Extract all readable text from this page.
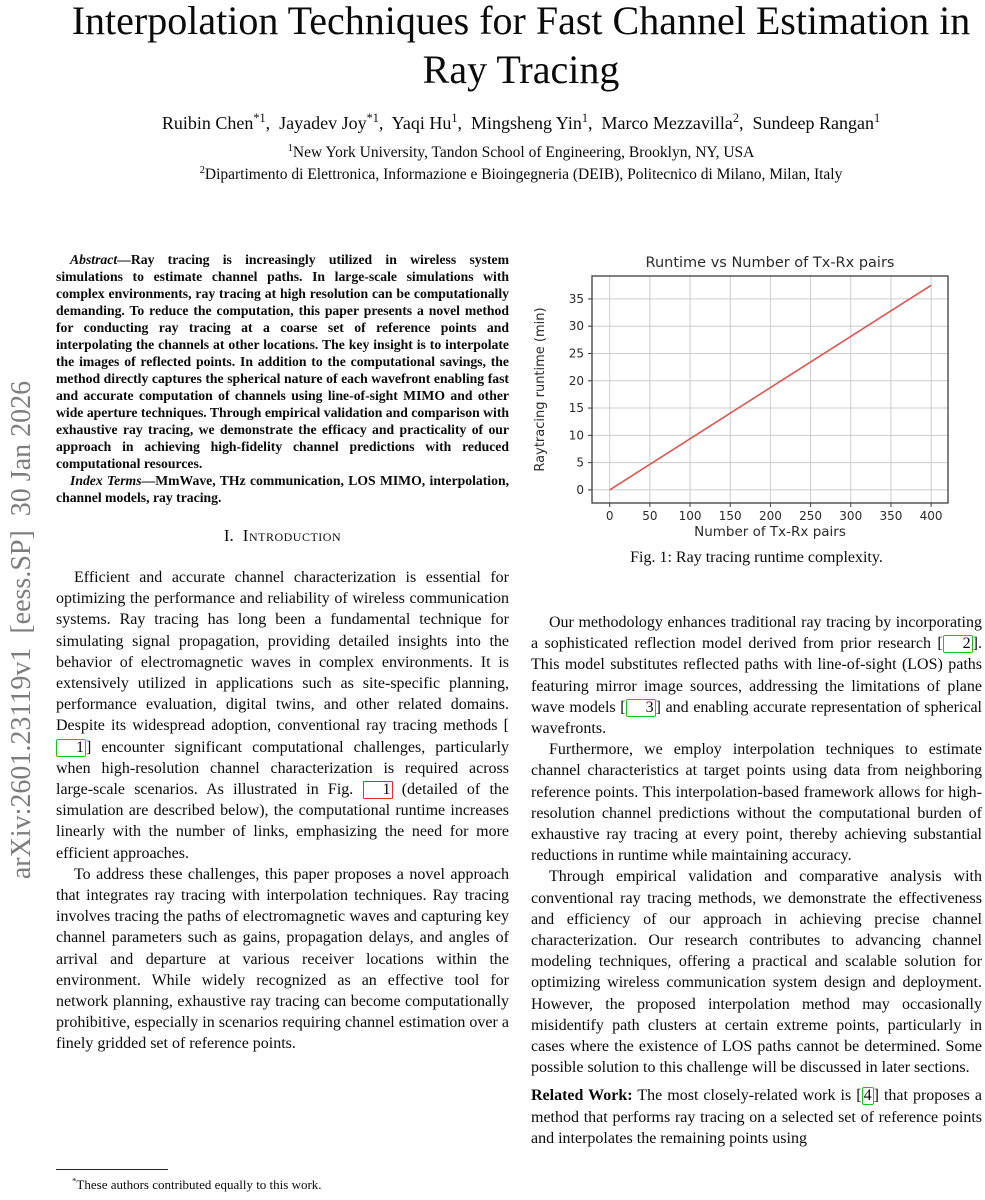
arXiv:2601.23119v1  [eess.SP]  30 Jan 2026
Interpolation Techniques for Fast Channel Estimation in Ray Tracing
Ruibin Chen$^{*1}$,  Jayadev Joy$^{*1}$,  Yaqi Hu$^1$,  Mingsheng Yin$^1$,  Marco Mezzavilla$^2$,  Sundeep Rangan$^1$
$^1$New York University, Tandon School of Engineering, Brooklyn, NY, USA
$^2$Dipartimento di Elettronica, Informazione e Bioingegneria (DEIB), Politecnico di Milano, Milan, Italy

Abstract—Ray tracing is increasingly utilized in wireless system simulations to estimate channel paths. In large-scale simulations with complex environments, ray tracing at high resolution can be computationally demanding. To reduce the computation, this paper presents a novel method for conducting ray tracing at a coarse set of reference points and interpolating the channels at other locations. The key insight is to interpolate the images of reflected points. In addition to the computational savings, the method directly captures the spherical nature of each wavefront enabling fast and accurate computation of channels using line-of-sight MIMO and other wide aperture techniques. Through empirical validation and comparison with exhaustive ray tracing, we demonstrate the efficacy and practicality of our approach in achieving high-fidelity channel predictions with reduced computational resources.

Index Terms—MmWave, THz communication, LOS MIMO, interpolation, channel models, ray tracing.

I. Introduction

Efficient and accurate channel characterization is essential for optimizing the performance and reliability of wireless communication systems. Ray tracing has long been a fundamental technique for simulating signal propagation, providing detailed insights into the behavior of electromagnetic waves in complex environments. It is extensively utilized in applications such as site-specific planning, performance evaluation, digital twins, and other related domains. Despite its widespread adoption, conventional ray tracing methods [1 ] encounter significant computational challenges, particularly when high-resolution channel characterization is required across large-scale scenarios. As illustrated in Fig. 1 (detailed of the simulation are described below), the computational runtime increases linearly with the number of links, emphasizing the need for more efficient approaches.

To address these challenges, this paper proposes a novel approach that integrates ray tracing with interpolation techniques. Ray tracing involves tracing the paths of electromagnetic waves and capturing key channel parameters such as gains, propagation delays, and angles of arrival and departure at various receiver locations within the environment. While widely recognized as an effective tool for network planning, exhaustive ray tracing can become computationally prohibitive, especially in scenarios requiring channel estimation over a finely gridded set of reference points.

0 50 100 150 200 250 300 350 400
0
5
10
15
20
25
30
35
Runtime vs Number of Tx-Rx pairs
Number of Tx-Rx pairs
Raytracing runtime (min)
Fig. 1: Ray tracing runtime complexity.

Our methodology enhances traditional ray tracing by incorporating a sophisticated reflection model derived from prior research [ 2 ]. This model substitutes reflected paths with line-of-sight (LOS) paths featuring mirror image sources, addressing the limitations of plane wave models [ 3 ] and enabling accurate representation of spherical wavefronts.

Furthermore, we employ interpolation techniques to estimate channel characteristics at target points using data from neighboring reference points. This interpolation-based framework allows for high-resolution channel predictions without the computational burden of exhaustive ray tracing at every point, thereby achieving substantial reductions in runtime while maintaining accuracy.

Through empirical validation and comparative analysis with conventional ray tracing methods, we demonstrate the effectiveness and efficiency of our approach in achieving precise channel characterization. Our research contributes to advancing channel modeling techniques, offering a practical and scalable solution for optimizing wireless communication system design and deployment. However, the proposed interpolation method may occasionally misidentify path clusters at certain extreme points, particularly in cases where the existence of LOS paths cannot be determined. Some possible solution to this challenge will be discussed in later sections.

Related Work: The most closely-related work is [ 4 ] that proposes a method that performs ray tracing on a selected set of reference points and interpolates the remaining points using

*These authors contributed equally to this work.
